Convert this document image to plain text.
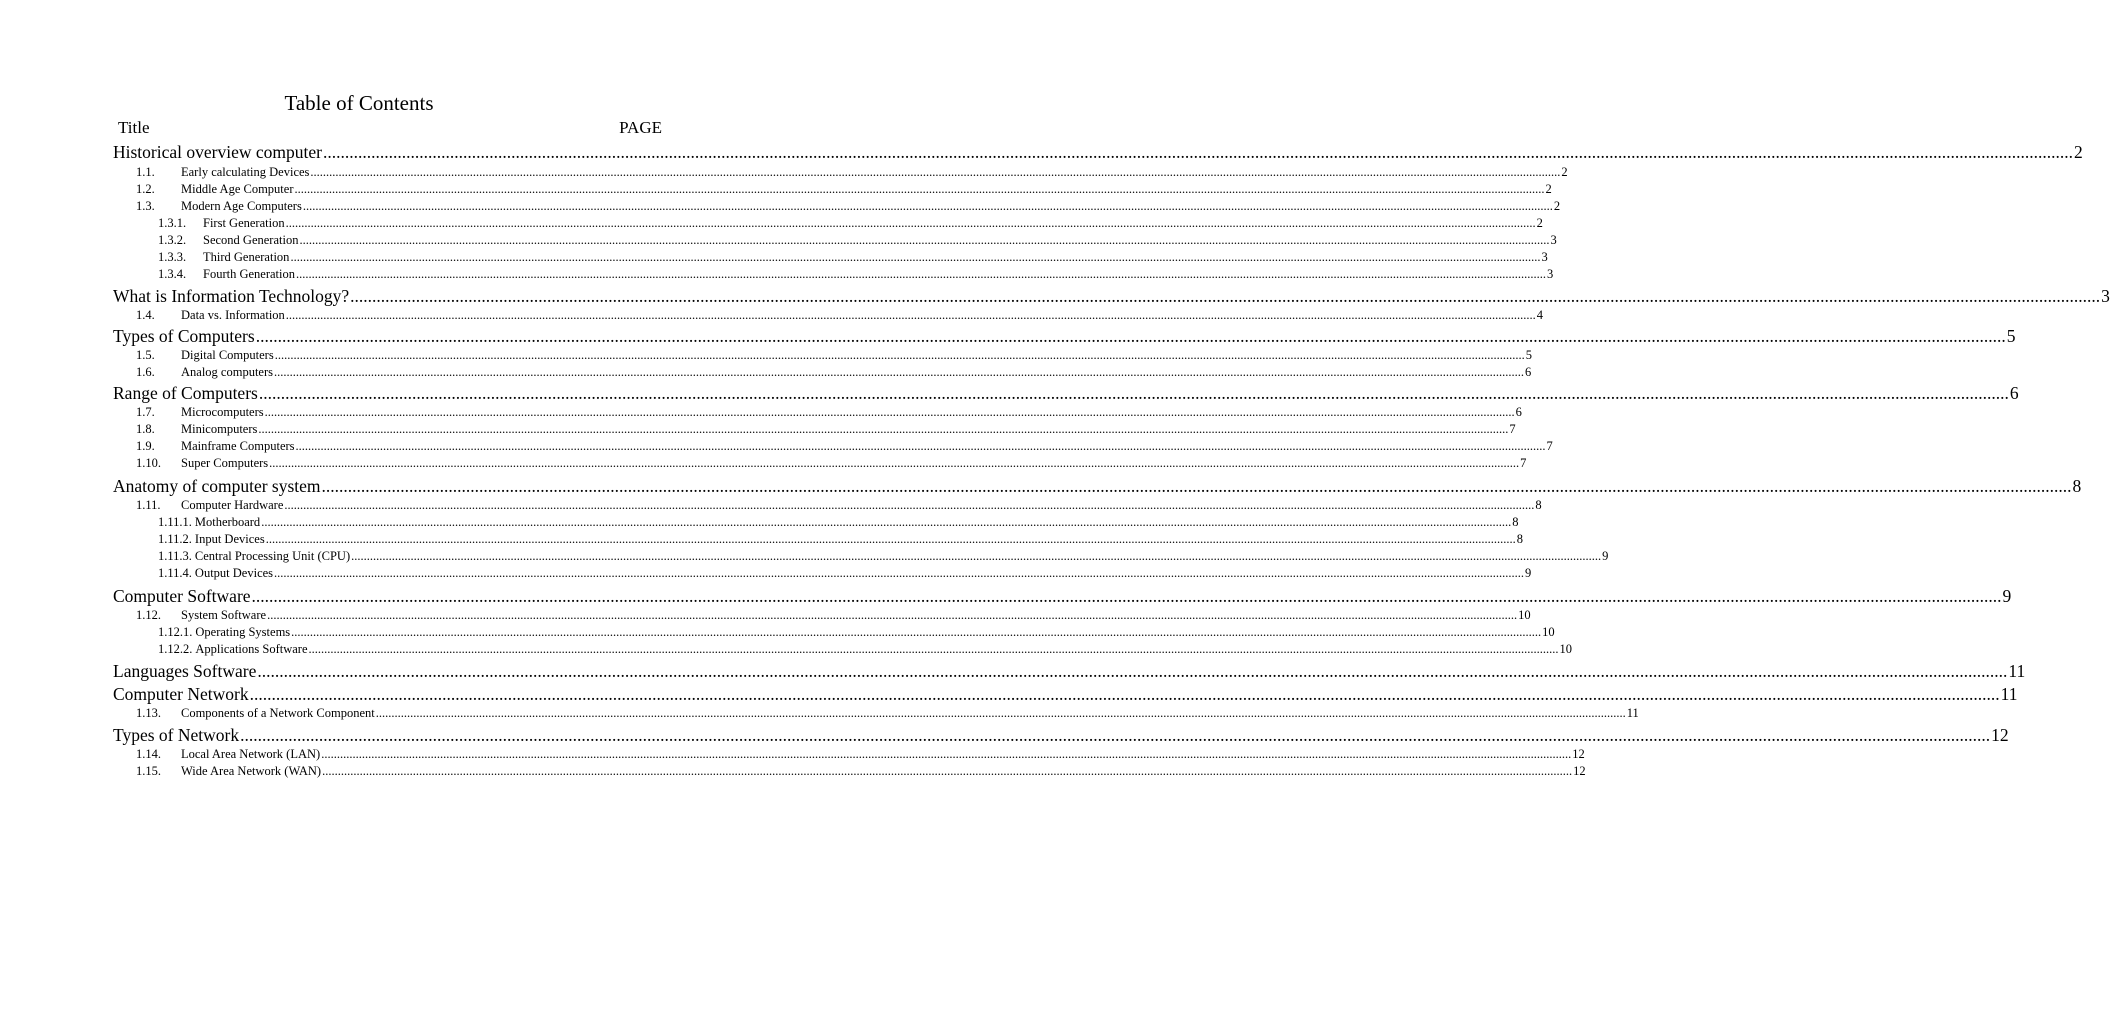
Table of Contents
Title	PAGE
Historical overview computer ................................................................................................................................................................................................................................................................................................................................................................................................................ 2
1.1.	Early calculating Devices ................................................................................................................................................................................................................................................................................................................................................................................................................ 2
1.2.	Middle Age Computer ................................................................................................................................................................................................................................................................................................................................................................................................................ 2
1.3.	Modern Age Computers ................................................................................................................................................................................................................................................................................................................................................................................................................ 2
1.3.1.	First Generation ................................................................................................................................................................................................................................................................................................................................................................................................................ 2
1.3.2.	Second Generation ................................................................................................................................................................................................................................................................................................................................................................................................................ 3
1.3.3.	Third Generation ................................................................................................................................................................................................................................................................................................................................................................................................................ 3
1.3.4.	Fourth Generation ................................................................................................................................................................................................................................................................................................................................................................................................................ 3
What is Information Technology? ................................................................................................................................................................................................................................................................................................................................................................................................................ 3
1.4.	Data vs. Information ................................................................................................................................................................................................................................................................................................................................................................................................................ 4
Types of Computers ................................................................................................................................................................................................................................................................................................................................................................................................................ 5
1.5.	Digital Computers ................................................................................................................................................................................................................................................................................................................................................................................................................ 5
1.6.	Analog computers ................................................................................................................................................................................................................................................................................................................................................................................................................ 6
Range of Computers ................................................................................................................................................................................................................................................................................................................................................................................................................ 6
1.7.	Microcomputers ................................................................................................................................................................................................................................................................................................................................................................................................................ 6
1.8.	Minicomputers ................................................................................................................................................................................................................................................................................................................................................................................................................ 7
1.9.	Mainframe Computers ................................................................................................................................................................................................................................................................................................................................................................................................................ 7
1.10.	Super Computers ................................................................................................................................................................................................................................................................................................................................................................................................................ 7
Anatomy of computer system ................................................................................................................................................................................................................................................................................................................................................................................................................ 8
1.11.	Computer Hardware ................................................................................................................................................................................................................................................................................................................................................................................................................ 8
1.11.1. Motherboard ................................................................................................................................................................................................................................................................................................................................................................................................................ 8
1.11.2. Input Devices ................................................................................................................................................................................................................................................................................................................................................................................................................ 8
1.11.3. Central Processing Unit (CPU) ................................................................................................................................................................................................................................................................................................................................................................................................................ 9
1.11.4. Output Devices ................................................................................................................................................................................................................................................................................................................................................................................................................ 9
Computer Software ................................................................................................................................................................................................................................................................................................................................................................................................................ 9
1.12.	System Software ................................................................................................................................................................................................................................................................................................................................................................................................................ 10
1.12.1. Operating Systems ................................................................................................................................................................................................................................................................................................................................................................................................................ 10
1.12.2. Applications Software ................................................................................................................................................................................................................................................................................................................................................................................................................ 10
Languages Software ................................................................................................................................................................................................................................................................................................................................................................................................................ 11
Computer Network ................................................................................................................................................................................................................................................................................................................................................................................................................ 11
1.13.	Components of a Network Component ................................................................................................................................................................................................................................................................................................................................................................................................................ 11
Types of Network ................................................................................................................................................................................................................................................................................................................................................................................................................ 12
1.14.	Local Area Network (LAN) ................................................................................................................................................................................................................................................................................................................................................................................................................ 12
1.15.	Wide Area Network (WAN) ................................................................................................................................................................................................................................................................................................................................................................................................................ 12
